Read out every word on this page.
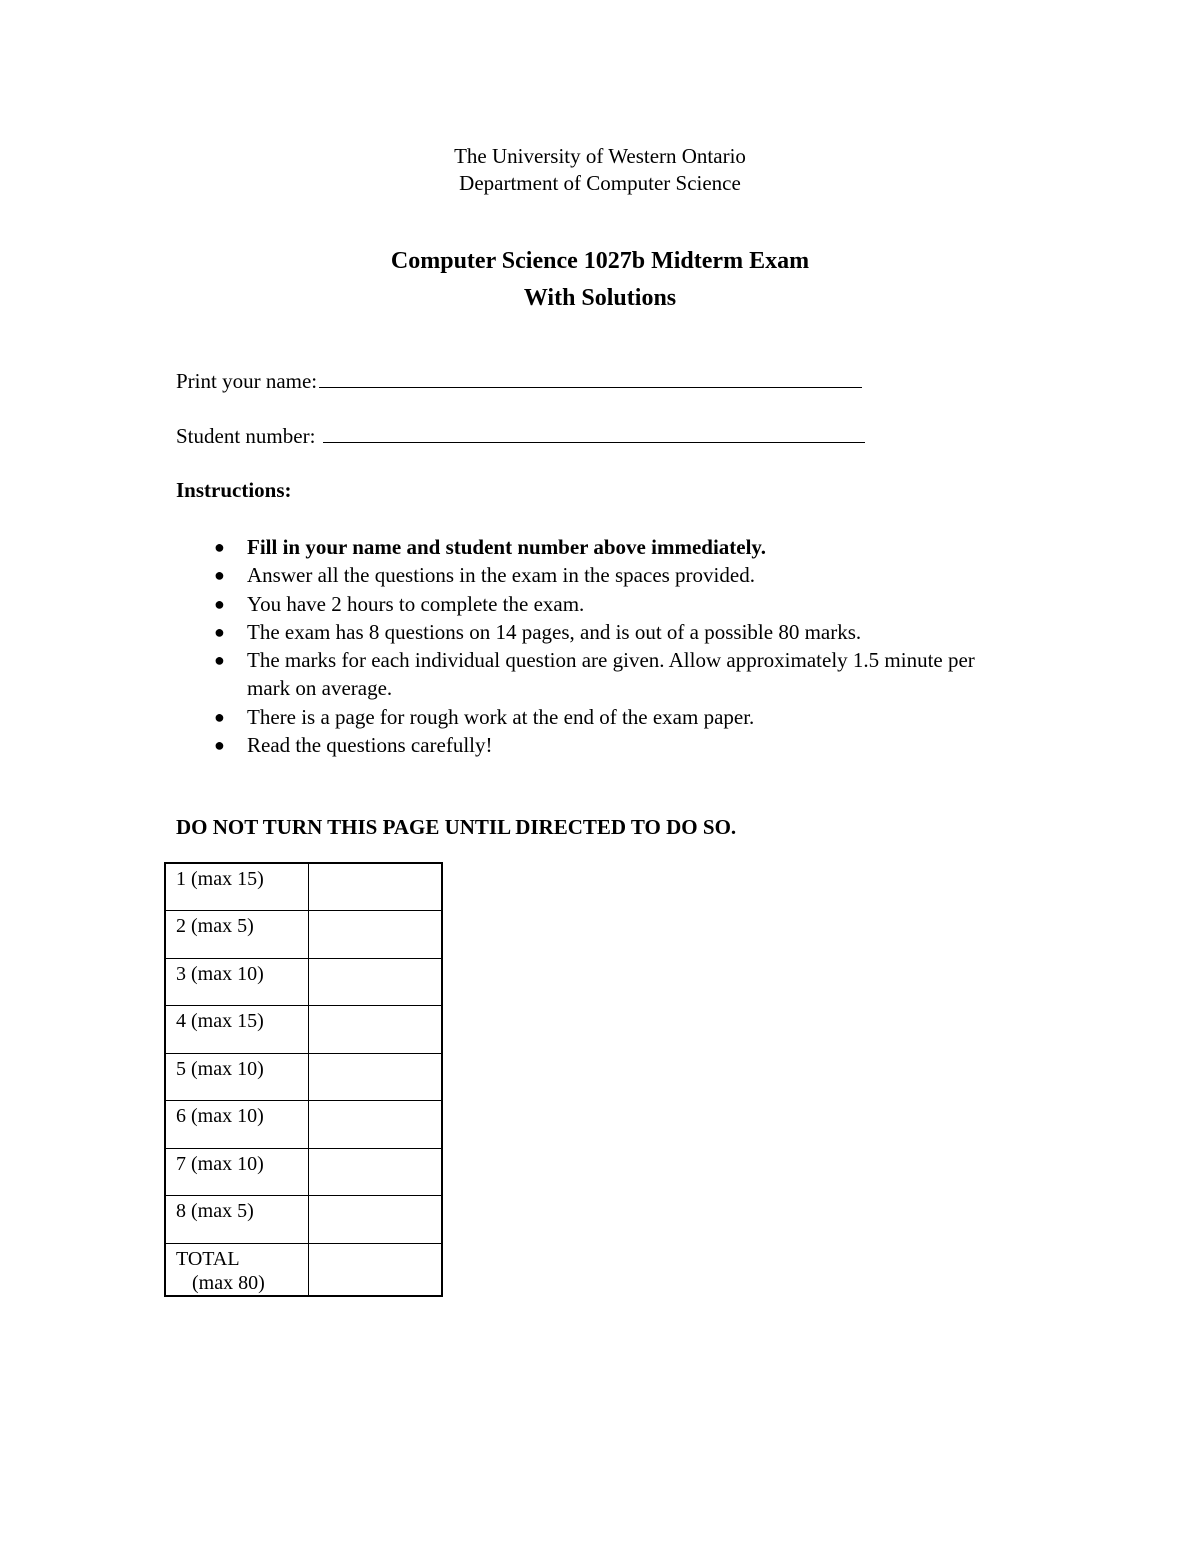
The University of Western Ontario
Department of Computer Science
Computer Science 1027b Midterm Exam
With Solutions
Print your name:
Student number:
Instructions:
● Fill in your name and student number above immediately.
● Answer all the questions in the exam in the spaces provided.
● You have 2 hours to complete the exam.
● The exam has 8 questions on 14 pages, and is out of a possible 80 marks.
● The marks for each individual question are given. Allow approximately 1.5 minute per mark on average.
● There is a page for rough work at the end of the exam paper.
● Read the questions carefully!
DO NOT TURN THIS PAGE UNTIL DIRECTED TO DO SO.
1 (max 15)	
2 (max 5)	
3 (max 10)	
4 (max 15)	
5 (max 10)	
6 (max 10)	
7 (max 10)	
8 (max 5)	
TOTAL
(max 80)	
